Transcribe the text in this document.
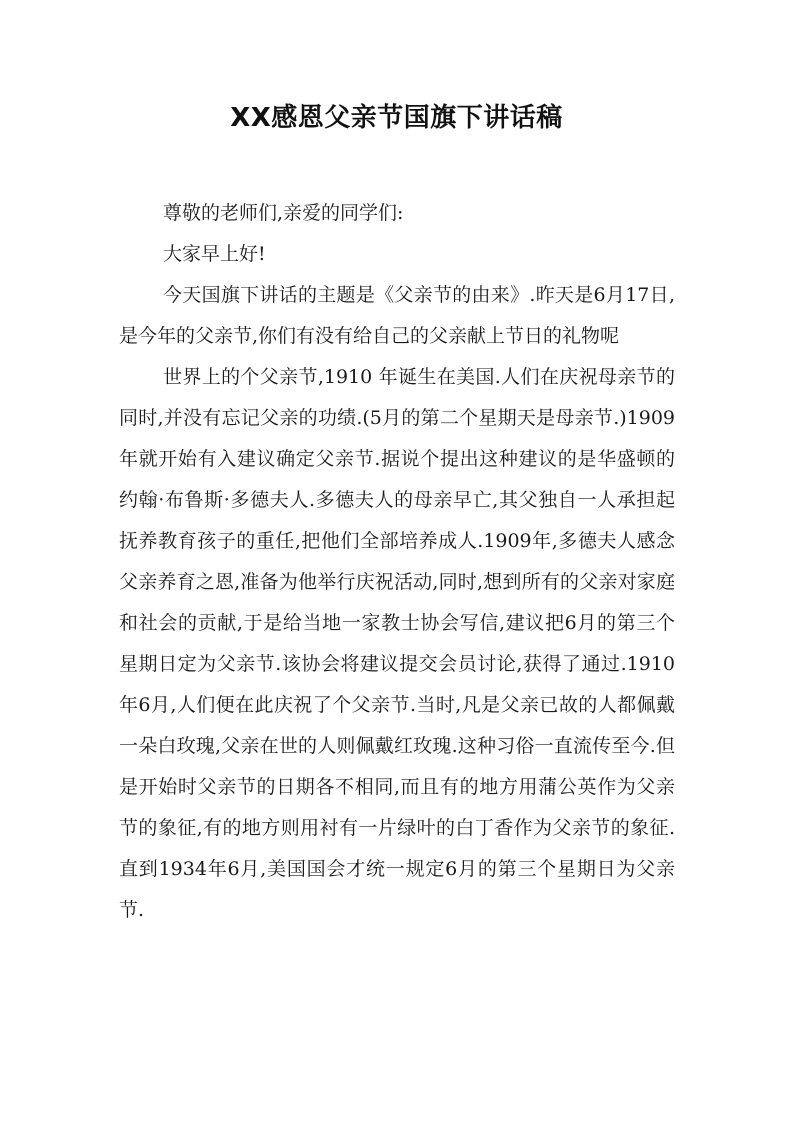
XX感恩父亲节国旗下讲话稿

尊敬的老师们,亲爱的同学们:

大家早上好!

今天国旗下讲话的主题是《父亲节的由来》.昨天是6月17日,是今年的父亲节,你们有没有给自己的父亲献上节日的礼物呢

世界上的个父亲节,1910 年诞生在美国.人们在庆祝母亲节的同时,并没有忘记父亲的功绩.(5月的第二个星期天是母亲节.)1909年就开始有入建议确定父亲节.据说个提出这种建议的是华盛顿的约翰·布鲁斯·多德夫人.多德夫人的母亲早亡,其父独自一人承担起抚养教育孩子的重任,把他们全部培养成人.1909年,多德夫人感念父亲养育之恩,准备为他举行庆祝活动,同时,想到所有的父亲对家庭和社会的贡献,于是给当地一家教士协会写信,建议把6月的第三个星期日定为父亲节.该协会将建议提交会员讨论,获得了通过.1910年6月,人们便在此庆祝了个父亲节.当时,凡是父亲已故的人都佩戴一朵白玫瑰,父亲在世的人则佩戴红玫瑰.这种习俗一直流传至今.但是开始时父亲节的日期各不相同,而且有的地方用蒲公英作为父亲节的象征,有的地方则用衬有一片绿叶的白丁香作为父亲节的象征.直到1934年6月,美国国会才统一规定6月的第三个星期日为父亲节.
